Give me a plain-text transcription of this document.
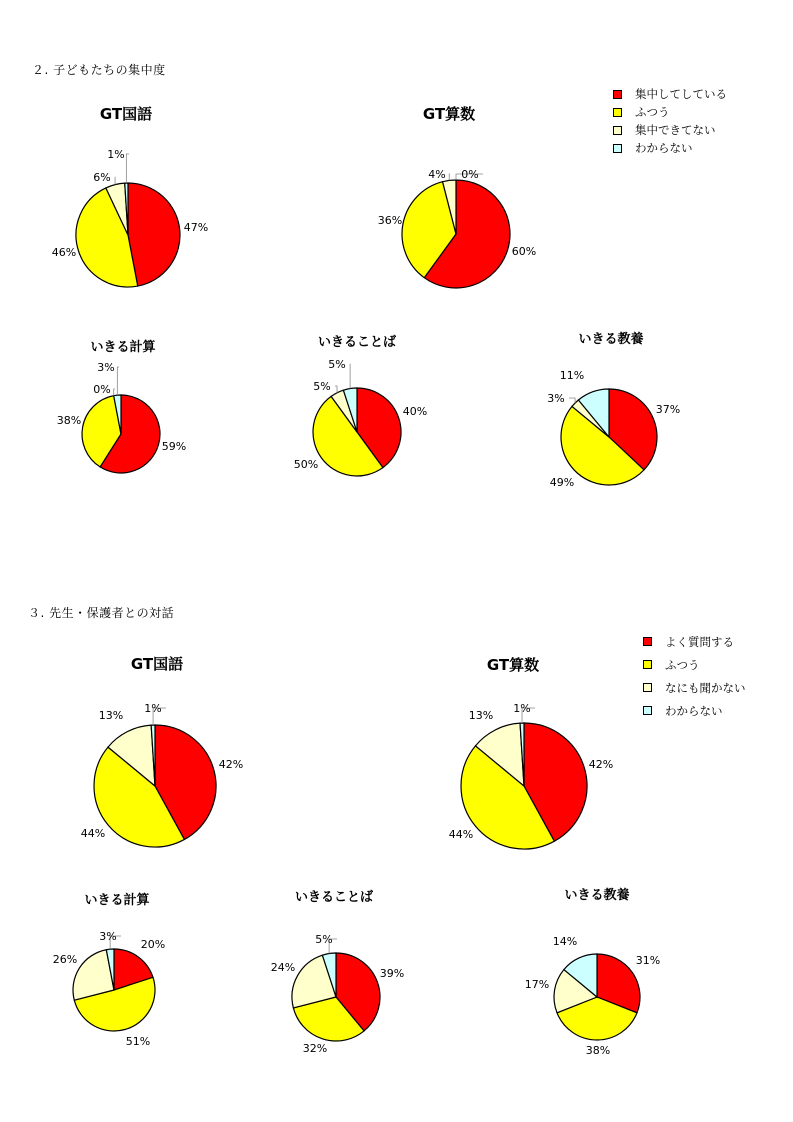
２. 子どもたちの集中度
３. 先生・保護者との対話
集中してしている
ふつう
集中できてない
わからない
よく質問する
ふつう
なにも聞かない
わからない
GT国語	GT算数
いきる計算	いきることば	いきる教養
GT国語	GT算数
いきる計算	いきることば	いきる教養
47%
46%
6%
1%
60%
36%
4% 0%
59%
38%
0%
3%
40%
50%
5%
5%
37%
49%
3%
11%
42%
44%
13%
1%
42%
44%
13%
1%
20%
51%
26%
3%
39%
32%
24%
5%
31%
38%
17%
14%
